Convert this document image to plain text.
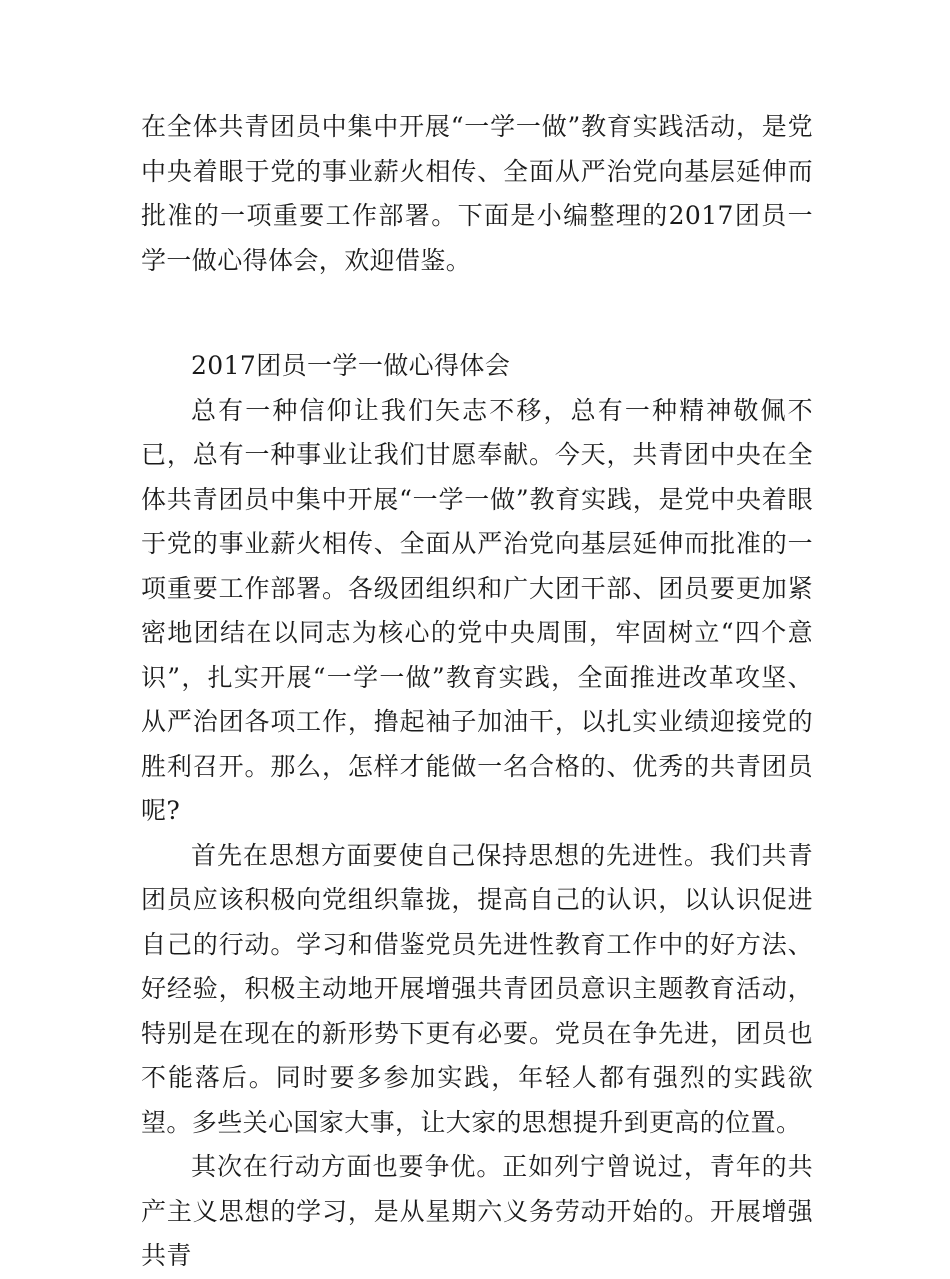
在全体共青团员中集中开展“一学一做”教育实践活动，是党中央着眼于党的事业薪火相传、全面从严治党向基层延伸而批准的一项重要工作部署。下面是小编整理的2017团员一学一做心得体会，欢迎借鉴。

2017团员一学一做心得体会

总有一种信仰让我们矢志不移，总有一种精神敬佩不已，总有一种事业让我们甘愿奉献。今天，共青团中央在全体共青团员中集中开展“一学一做”教育实践，是党中央着眼于党的事业薪火相传、全面从严治党向基层延伸而批准的一项重要工作部署。各级团组织和广大团干部、团员要更加紧密地团结在以同志为核心的党中央周围，牢固树立“四个意识”，扎实开展“一学一做”教育实践，全面推进改革攻坚、从严治团各项工作，撸起袖子加油干，以扎实业绩迎接党的胜利召开。那么，怎样才能做一名合格的、优秀的共青团员呢?

首先在思想方面要使自己保持思想的先进性。我们共青团员应该积极向党组织靠拢，提高自己的认识，以认识促进自己的行动。学习和借鉴党员先进性教育工作中的好方法、好经验，积极主动地开展增强共青团员意识主题教育活动，特别是在现在的新形势下更有必要。党员在争先进，团员也不能落后。同时要多参加实践，年轻人都有强烈的实践欲望。多些关心国家大事，让大家的思想提升到更高的位置。

其次在行动方面也要争优。正如列宁曾说过，青年的共产主义思想的学习，是从星期六义务劳动开始的。开展增强共青
